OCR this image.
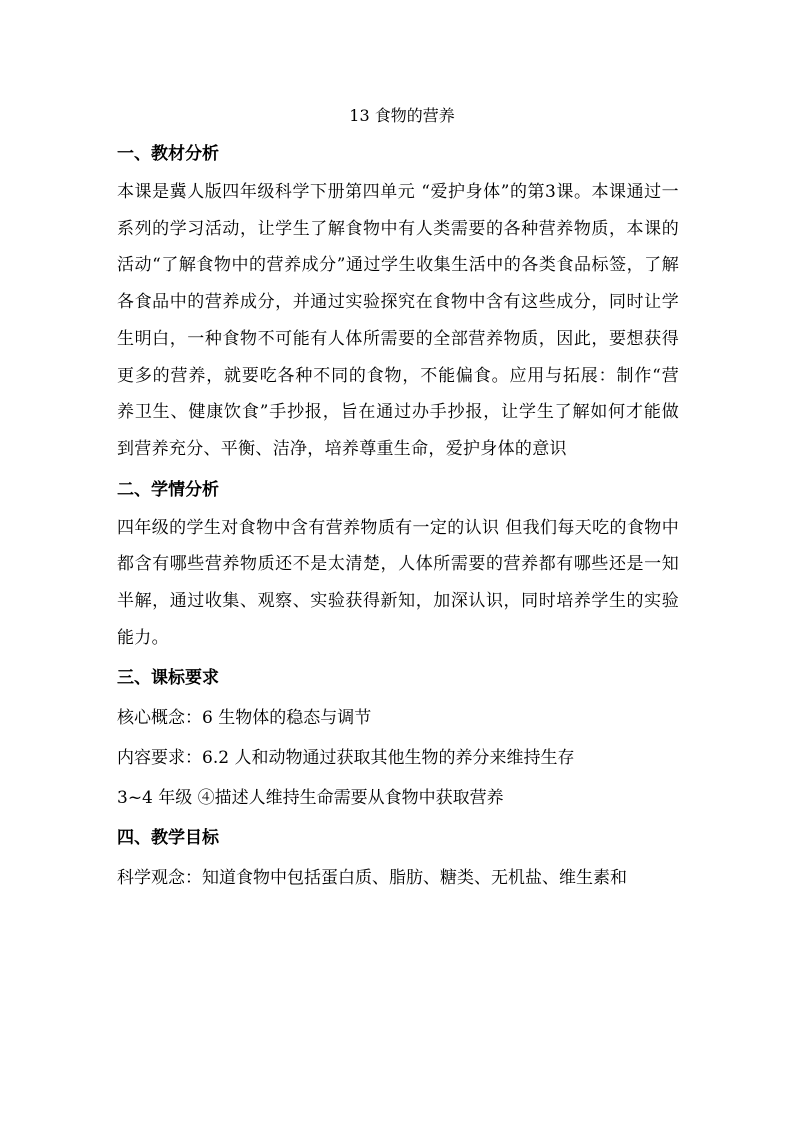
13 食物的营养
一、教材分析

本课是冀人版四年级科学下册第四单元 “爱护身体”的第3课。本课通过一系列的学习活动，让学生了解食物中有人类需要的各种营养物质，本课的活动“了解食物中的营养成分”通过学生收集生活中的各类食品标签，了解各食品中的营养成分，并通过实验探究在食物中含有这些成分，同时让学生明白，一种食物不可能有人体所需要的全部营养物质，因此，要想获得更多的营养，就要吃各种不同的食物，不能偏食。应用与拓展：制作“营养卫生、健康饮食”手抄报，旨在通过办手抄报，让学生了解如何才能做到营养充分、平衡、洁净，培养尊重生命，爱护身体的意识

二、学情分析

四年级的学生对食物中含有营养物质有一定的认识 但我们每天吃的食物中都含有哪些营养物质还不是太清楚，人体所需要的营养都有哪些还是一知半解，通过收集、观察、实验获得新知，加深认识，同时培养学生的实验能力。

三、课标要求

核心概念：6 生物体的稳态与调节

内容要求：6.2 人和动物通过获取其他生物的养分来维持生存

3~4 年级 ④描述人维持生命需要从食物中获取营养

四、教学目标

科学观念：知道食物中包括蛋白质、脂肪、糖类、无机盐、维生素和
